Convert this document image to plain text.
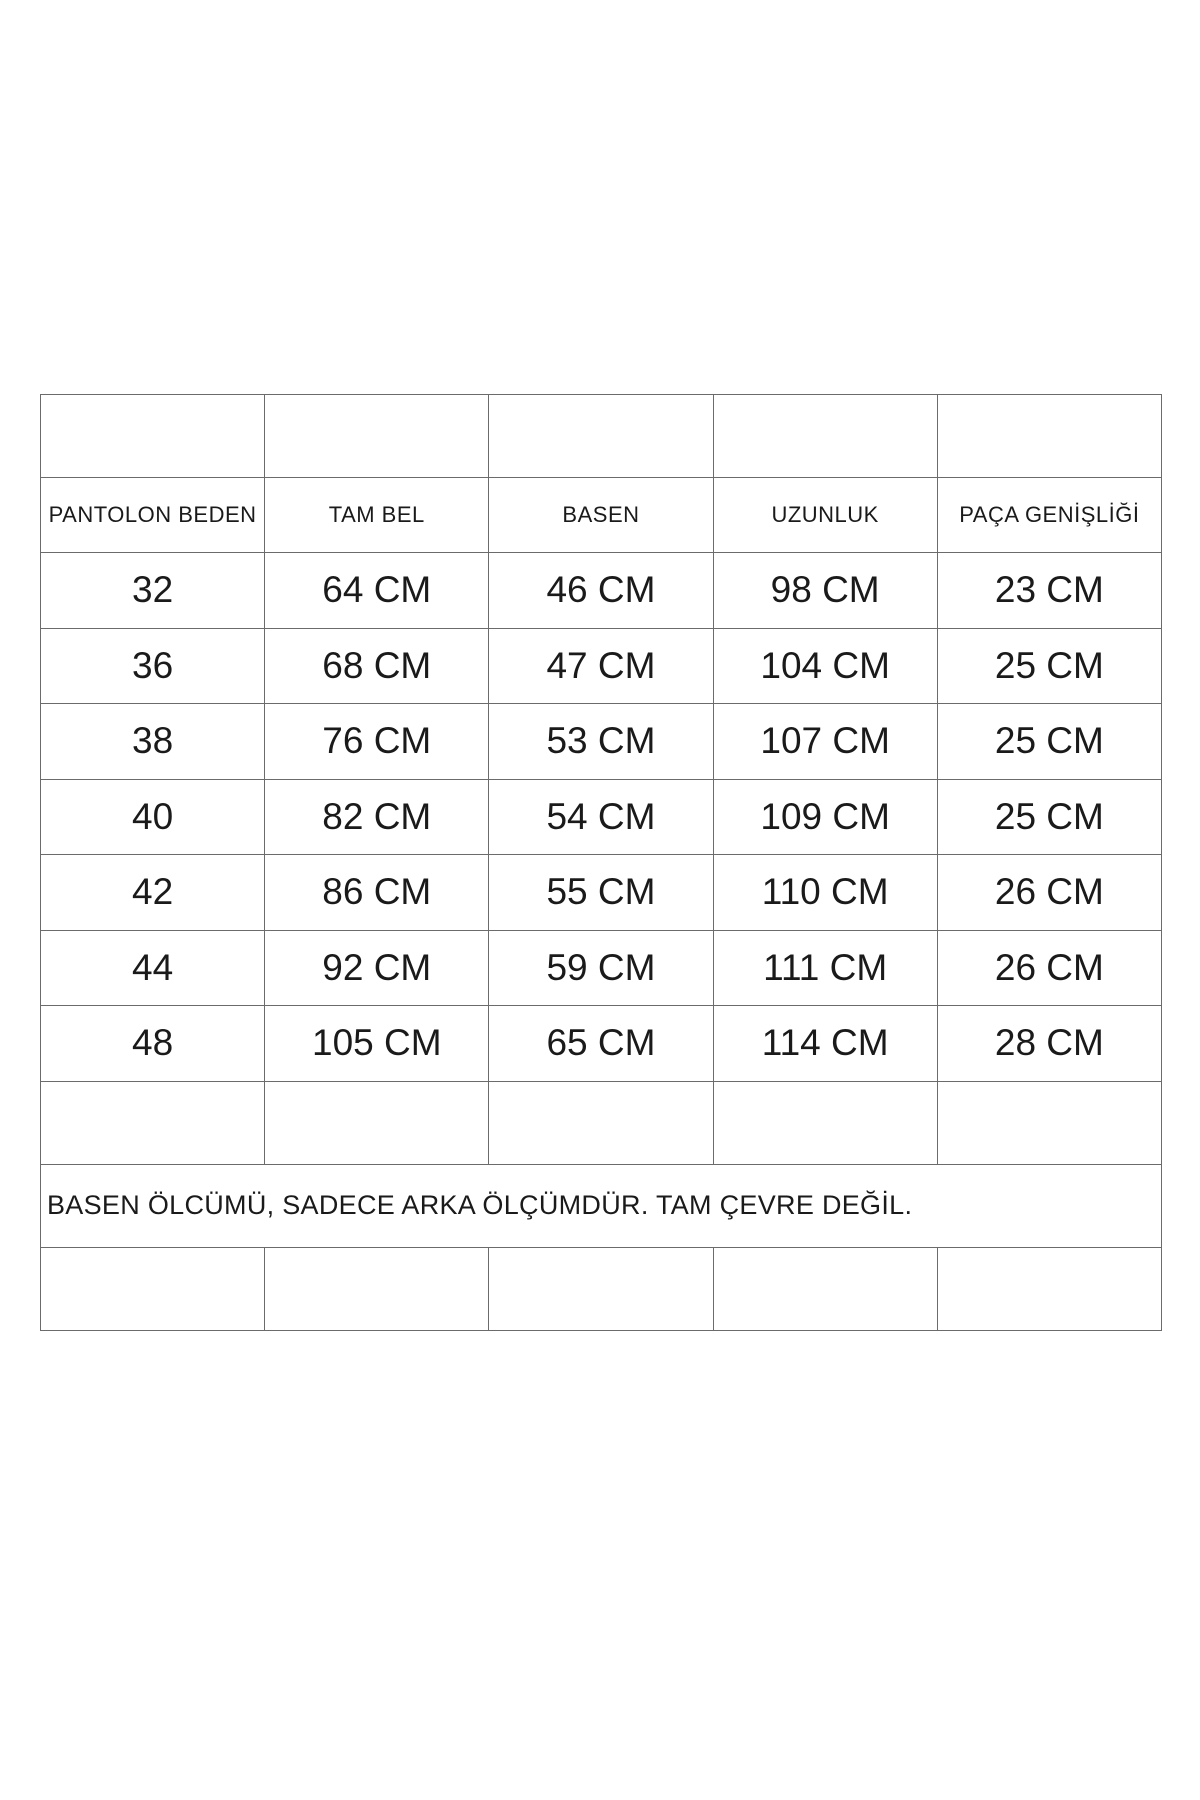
PANTOLON BEDEN	TAM BEL	BASEN	UZUNLUK	PAÇA GENİŞLİĞİ
32	64 CM	46 CM	98 CM	23 CM
36	68 CM	47 CM	104 CM	25 CM
38	76 CM	53 CM	107 CM	25 CM
40	82 CM	54 CM	109 CM	25 CM
42	86 CM	55 CM	110 CM	26 CM
44	92 CM	59 CM	111 CM	26 CM
48	105 CM	65 CM	114 CM	28 CM

BASEN ÖLCÜMÜ, SADECE ARKA ÖLÇÜMDÜR. TAM ÇEVRE DEĞİL.				
